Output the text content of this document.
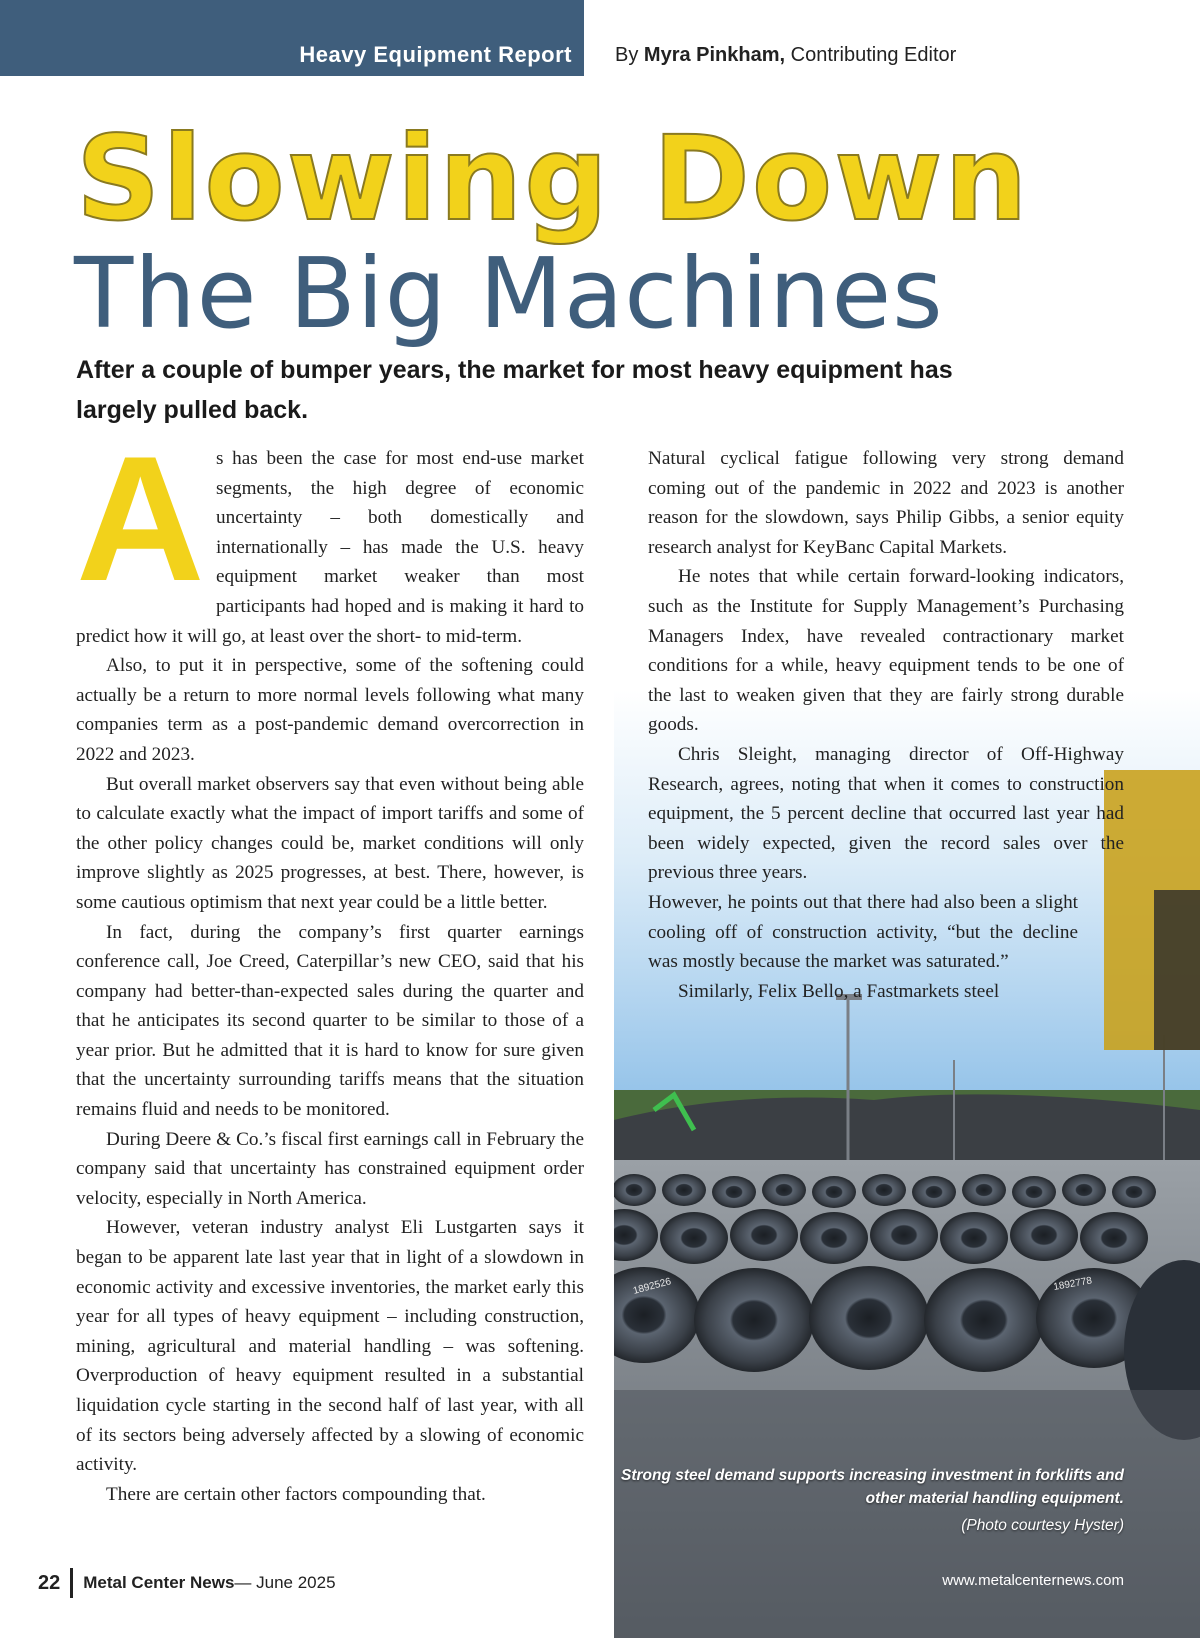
Heavy Equipment Report By Myra Pinkham, Contributing Editor
Slowing Down
The Big Machines
After a couple of bumper years, the market for most heavy equipment has largely pulled back.
1892526	1892778
Strong steel demand supports increasing investment in forklifts and other material handling equipment.
(Photo courtesy Hyster)

As has been the case for most end-use market segments, the high degree of economic uncertainty – both domestically and internationally – has made the U.S. heavy equipment market weaker than most participants had hoped and is making it hard to predict how it will go, at least over the short- to mid-term.

Also, to put it in perspective, some of the softening could actually be a return to more normal levels following what many companies term as a post-pandemic demand overcorrection in 2022 and 2023.

But overall market observers say that even without being able to calculate exactly what the impact of import tariffs and some of the other policy changes could be, market conditions will only improve slightly as 2025 progresses, at best. There, however, is some cautious optimism that next year could be a little better.

In fact, during the company’s first quarter earnings conference call, Joe Creed, Caterpillar’s new CEO, said that his company had better-than-expected sales during the quarter and that he anticipates its second quarter to be similar to those of a year prior. But he admitted that it is hard to know for sure given that the uncertainty surrounding tariffs means that the situation remains fluid and needs to be monitored.

During Deere & Co.’s fiscal first earnings call in February the company said that uncertainty has constrained equipment order velocity, especially in North America.

However, veteran industry analyst Eli Lustgarten says it began to be apparent late last year that in light of a slowdown in economic activity and excessive inventories, the market early this year for all types of heavy equipment – including construction, mining, agricultural and material handling – was softening. Overproduction of heavy equipment resulted in a substantial liquidation cycle starting in the second half of last year, with all of its sectors being adversely affected by a slowing of economic activity.

There are certain other factors compounding that.

Natural cyclical fatigue following very strong demand coming out of the pandemic in 2022 and 2023 is another reason for the slowdown, says Philip Gibbs, a senior equity research analyst for KeyBanc Capital Markets.

He notes that while certain forward-looking indicators, such as the Institute for Supply Management’s Purchasing Managers Index, have revealed contractionary market conditions for a while, heavy equipment tends to be one of the last to weaken given that they are fairly strong durable goods.

Chris Sleight, managing director of Off-Highway Research, agrees, noting that when it comes to construction equipment, the 5 percent decline that occurred last year had been widely expected, given the record sales over the previous three years.

However, he points out that there had also been a slight cooling off of construction activity, “but the decline was mostly because the market was saturated.”

Similarly, Felix Bello, a Fastmarkets steel

22 Metal Center News — June 2025	www.metalcenternews.com
